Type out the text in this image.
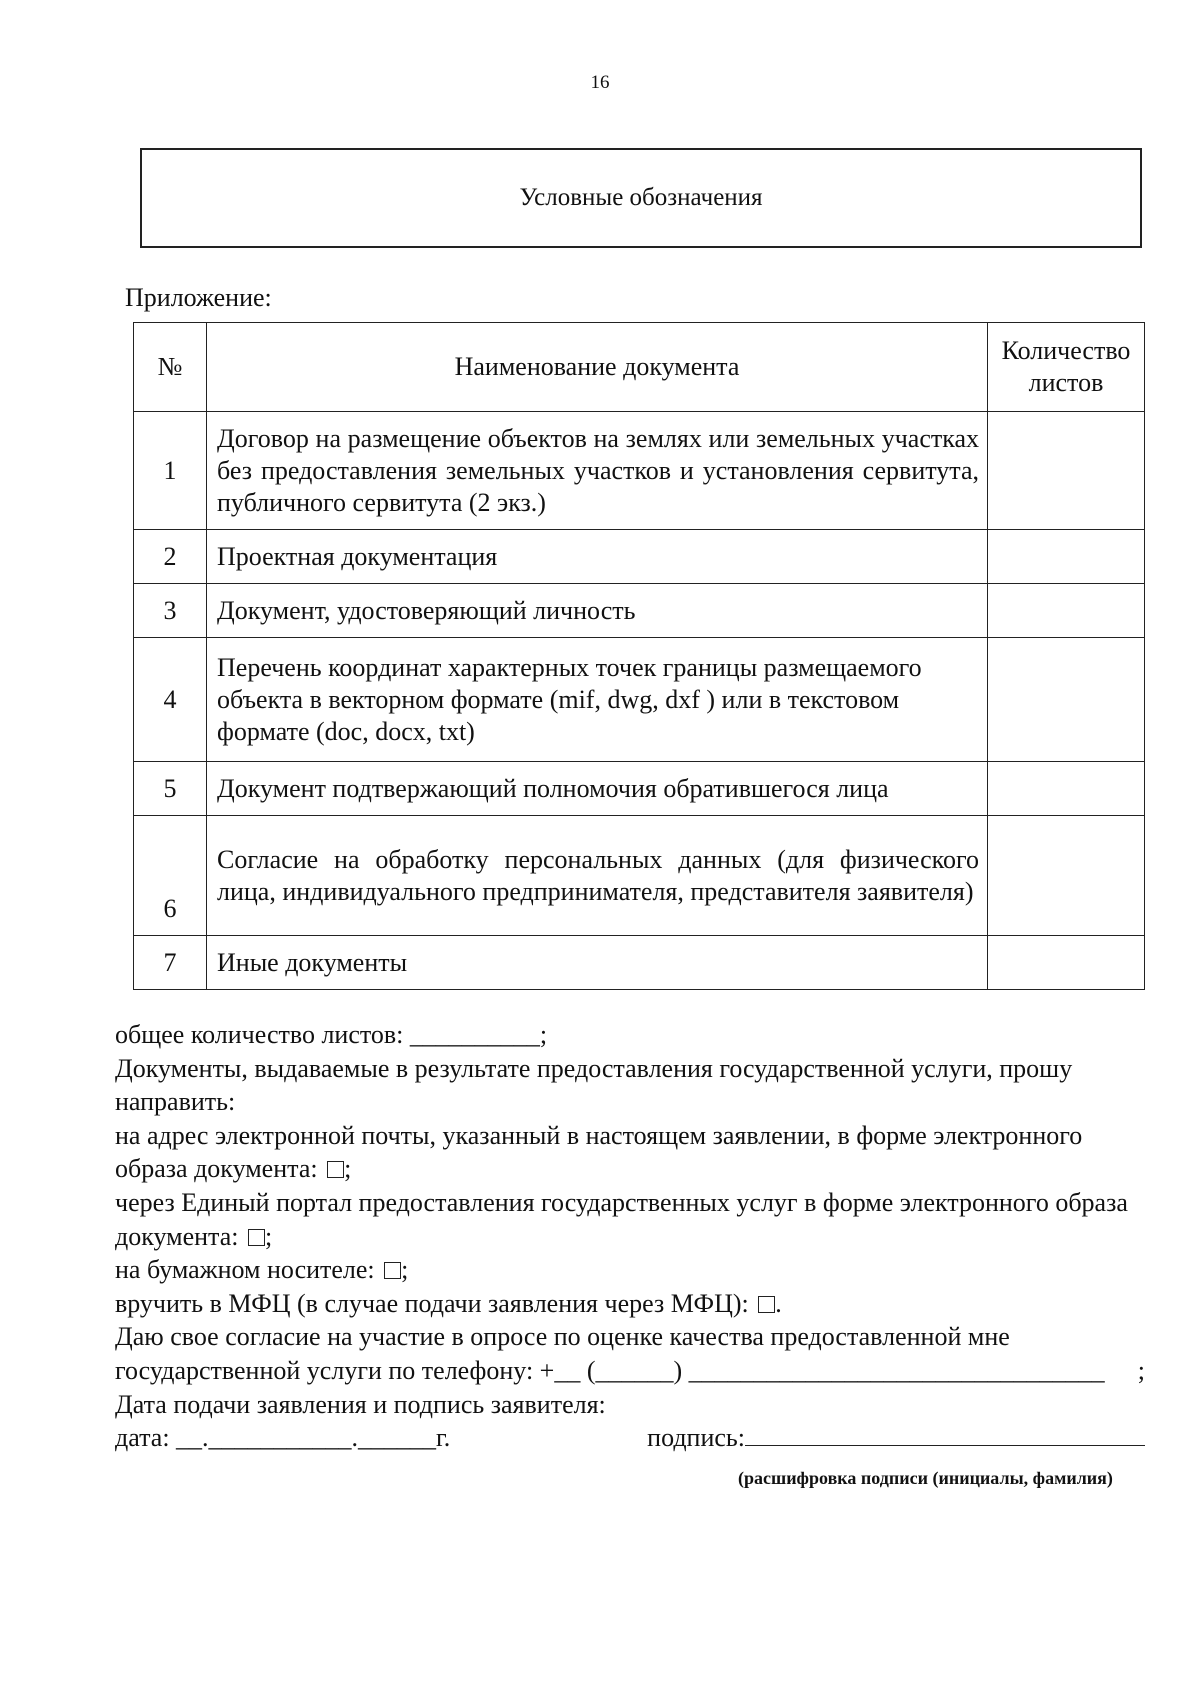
16
Условные обозначения
Приложение:
№	Наименование документа	Количество листов
1	Договор на размещение объектов на землях или земельных участках без предоставления земельных участков и установления сервитута, публичного сервитута (2 экз.)	
2	Проектная документация	
3	Документ, удостоверяющий личность	
4	Перечень координат характерных точек границы размещаемого объекта в векторном формате (mif, dwg, dxf ) или в текстовом формате (doc, docx, txt)	
5	Документ подтвержающий полномочия обратившегося лица	
6	Согласие на обработку персональных данных (для физического лица, индивидуального предпринимателя, представителя заявителя)	
7	Иные документы	

общее количество листов: __________;

Документы, выдаваемые в результате предоставления государственной услуги, прошу направить:

на адрес электронной почты, указанный в настоящем заявлении, в форме электронного образа документа: ;

через Единый портал предоставления государственных услуг в форме электронного образа документа: ;

на бумажном носителе: ;

вручить в МФЦ (в случае подачи заявления через МФЦ): .

Даю свое согласие на участие в опросе по оценке качества предоставленной мне

государственной услуги по телефону: +__ (______) ________________________________ ;

Дата подачи заявления и подпись заявителя:

дата: __.___________.______г.	подпись:

(расшифровка подписи (инициалы, фамилия)
